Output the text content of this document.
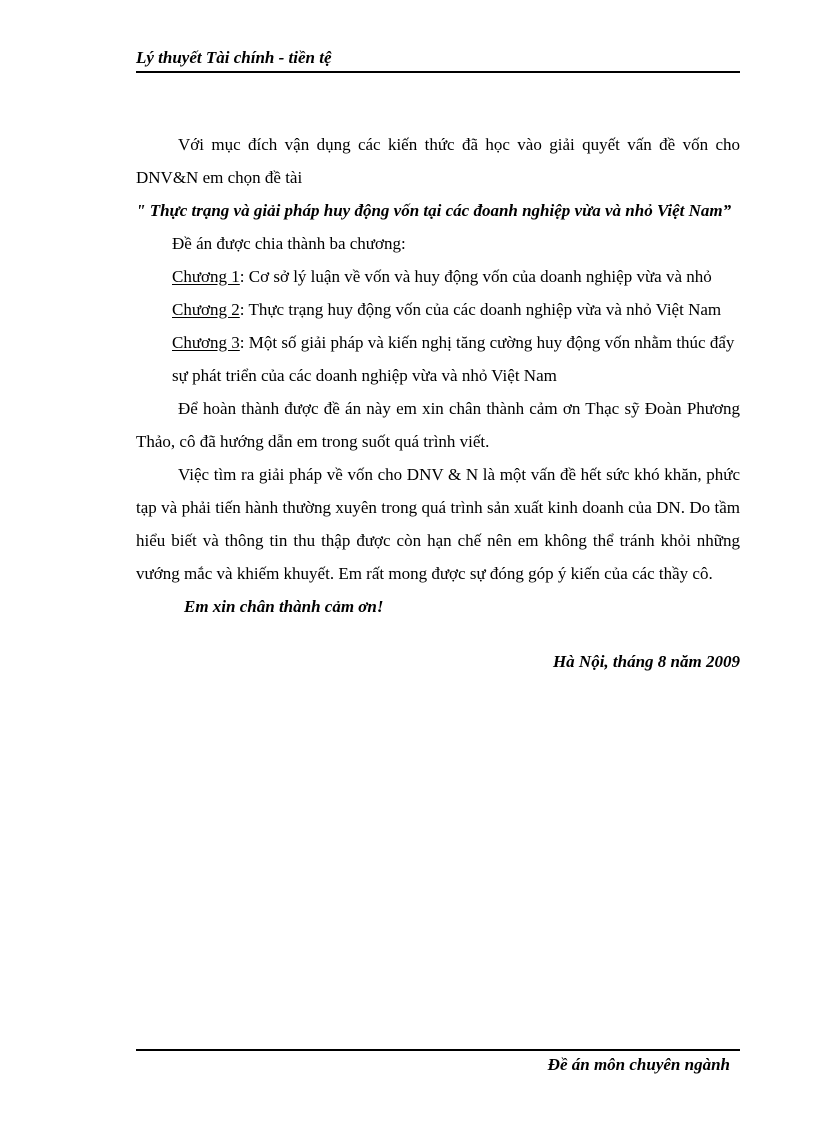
Lý thuyết Tài chính - tiền tệ

Với mục đích vận dụng các kiến thức đã học vào giải quyết vấn đề vốn cho DNV&N em chọn đề tài

" Thực trạng và giải pháp huy động vốn tại các đoanh nghiệp vừa và nhỏ Việt Nam”

Đề án được chia thành ba chương:

Chương 1: Cơ sở lý luận về vốn và huy động vốn của doanh nghiệp vừa và nhỏ

Chương 2: Thực trạng huy động vốn của các doanh nghiệp vừa và nhỏ Việt Nam

Chương 3: Một số giải pháp và kiến nghị tăng cường huy động vốn nhằm thúc đẩy

sự phát triển của các doanh nghiệp vừa và nhỏ Việt Nam

Để hoàn thành được đề án này em xin chân thành cảm ơn Thạc sỹ Đoàn Phương Thảo, cô đã hướng dẫn em trong suốt quá trình viết.

Việc tìm ra giải pháp về vốn cho DNV & N là một vấn đề hết sức khó khăn, phức tạp và phải tiến hành thường xuyên trong quá trình sản xuất kinh doanh của DN. Do tầm hiểu biết và thông tin thu thập được còn hạn chế nên em không thể tránh khỏi những vướng mắc và khiếm khuyết. Em rất mong được sự đóng góp ý kiến của các thầy cô.

Em xin chân thành cảm ơn!

Hà Nội, tháng 8 năm 2009

Đề án môn chuyên ngành
